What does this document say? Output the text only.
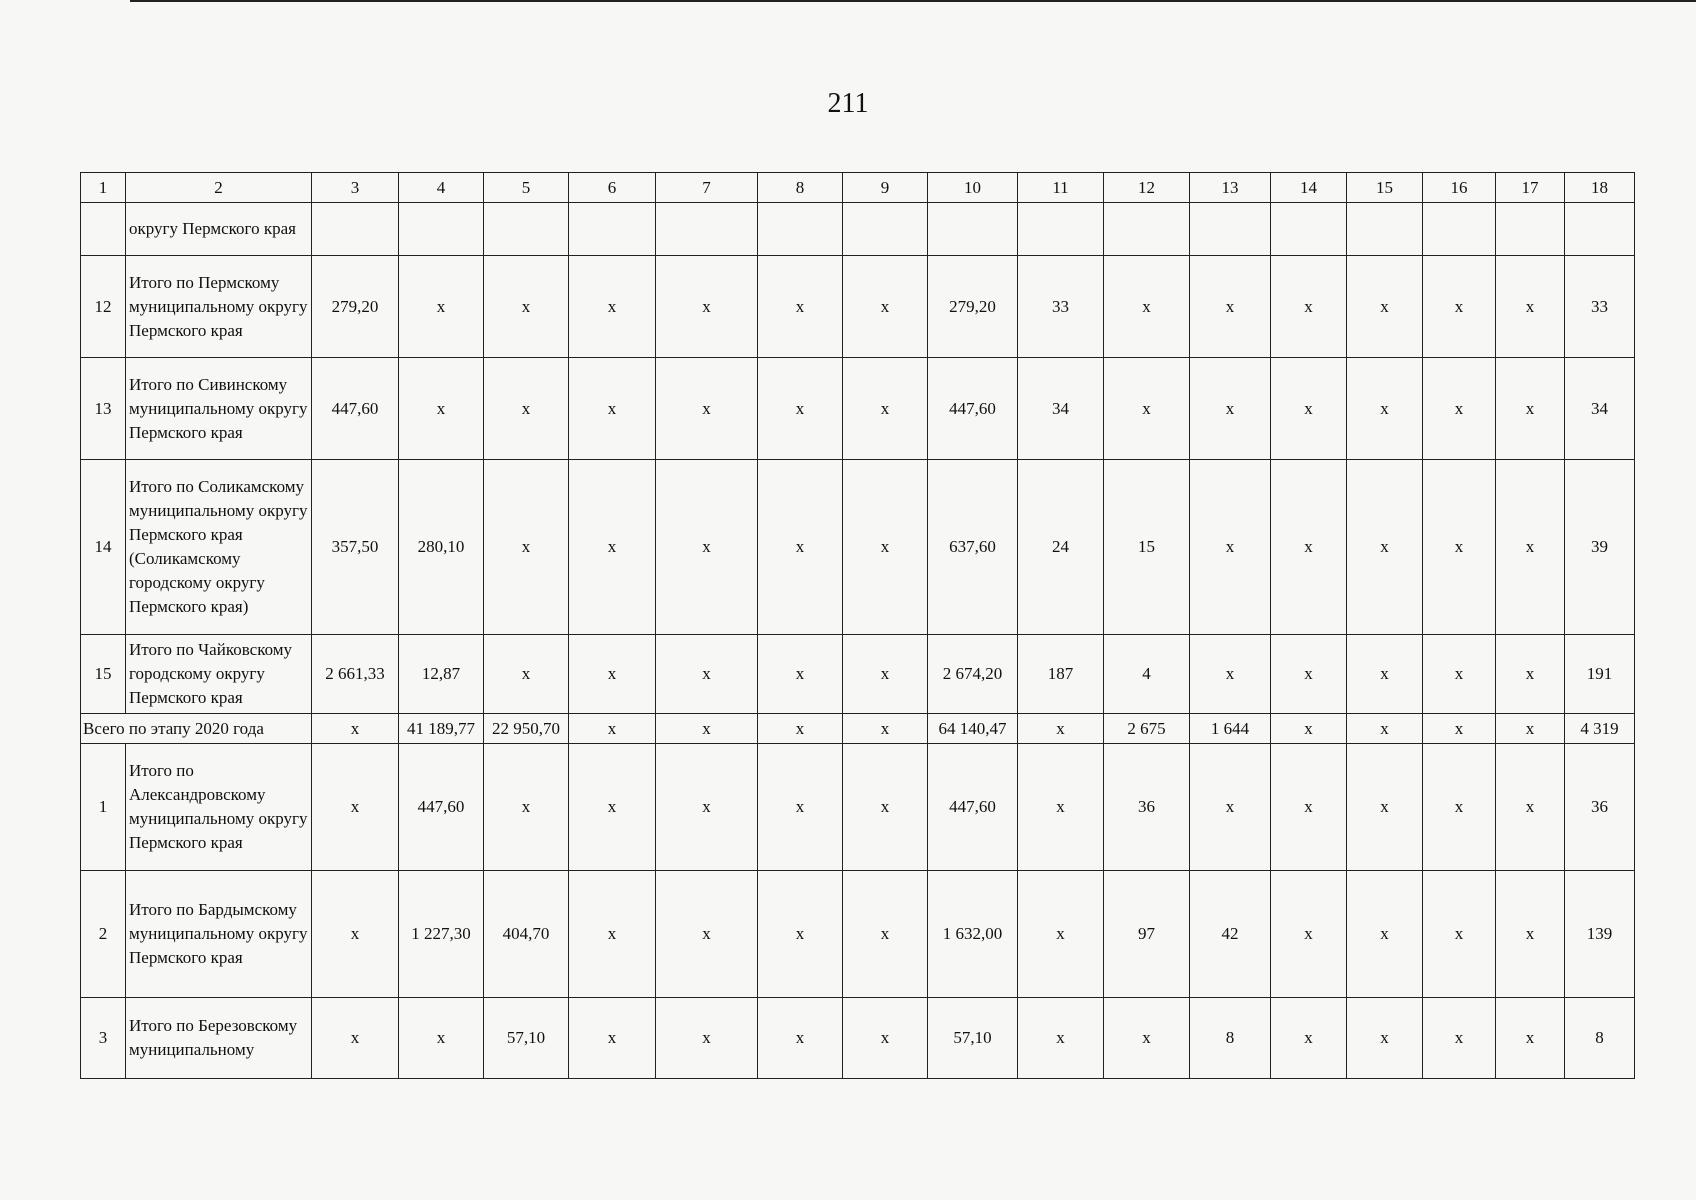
211
1	2	3	4	5	6	7	8	9	10	11	12	13	14	15	16	17	18
	округу Пермского края																
12	Итого по Пермскому муниципальному округу Пермского края	279,20	x	x	x	x	x	x	279,20	33	x	x	x	x	x	x	33
13	Итого по Сивинскому муниципальному округу Пермского края	447,60	x	x	x	x	x	x	447,60	34	x	x	x	x	x	x	34
14	Итого по Соликамскому муниципальному округу Пермского края (Соликамскому городскому округу Пермского края)	357,50	280,10	x	x	x	x	x	637,60	24	15	x	x	x	x	x	39
15	Итого по Чайковскому городскому округу Пермского края	2 661,33	12,87	x	x	x	x	x	2 674,20	187	4	x	x	x	x	x	191
Всего по этапу 2020 года		x	41 189,77	22 950,70	x	x	x	x	64 140,47	x	2 675	1 644	x	x	x	x	4 319
1	Итого по Александровскому муниципальному округу Пермского края	x	447,60	x	x	x	x	x	447,60	x	36	x	x	x	x	x	36
2	Итого по Бардымскому муниципальному округу Пермского края	x	1 227,30	404,70	x	x	x	x	1 632,00	x	97	42	x	x	x	x	139
3	Итого по Березовскому муниципальному	x	x	57,10	x	x	x	x	57,10	x	x	8	x	x	x	x	8
